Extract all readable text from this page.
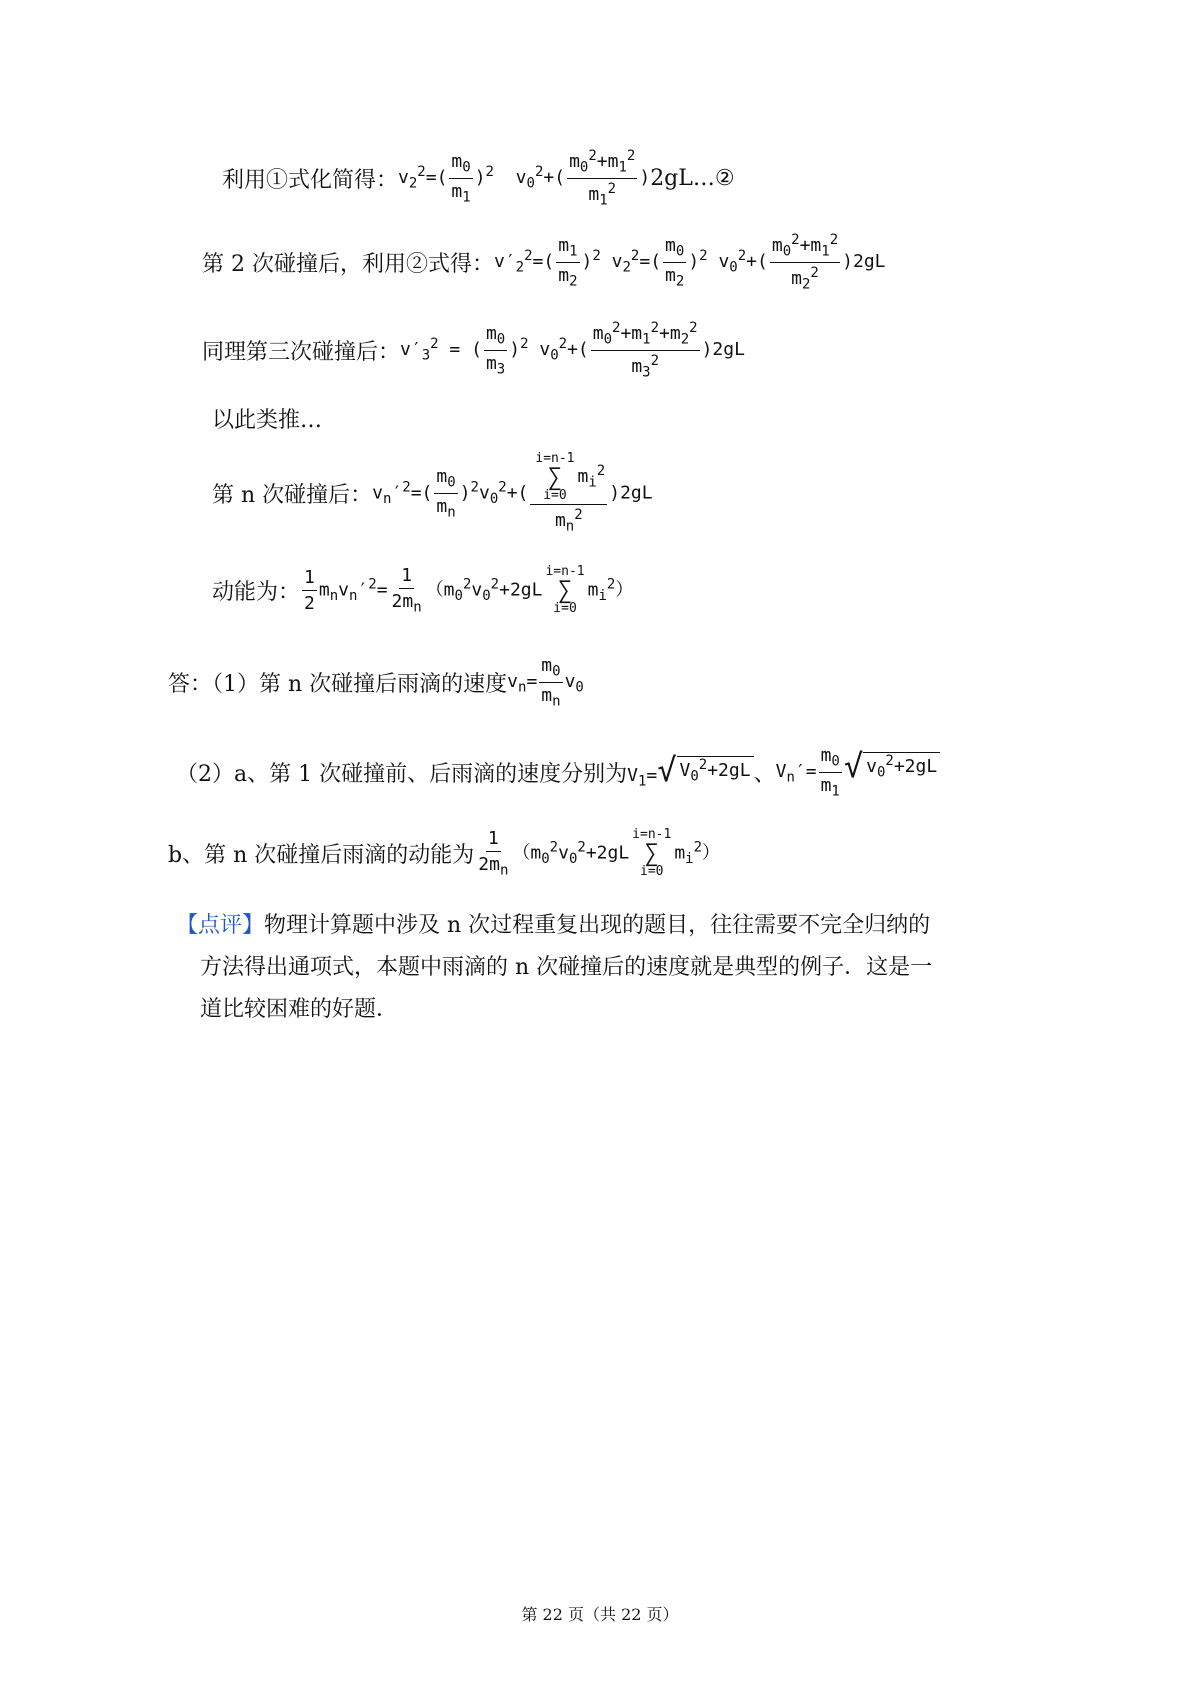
利用①式化简得： $v_2^2=( \frac{m_0}{m_1} )^2$  $v_0^2+( \frac{m_0^2+m_1^2}{m_1^2}$ ) 2gL…②
第 2 次碰撞后，利用②式得： $v'_2^2=( \frac{m_1}{m_2} )^2$ $v_2^2=( \frac{m_0}{m_2} )^2$ $v_0^2+( \frac{m_0^2+m_1^2}{m_2^2} )2gL$
同理第三次碰撞后： $v'_3^2$ = ( $\frac{m_0}{m_3} )^2$ $v_0^2+( \frac{m_0^2+m_1^2+m_2^2}{m_3^2} )2gL$
以此类推…
第 n 次碰撞后： $v_n'^2=( \frac{m_0}{m_n} )^2v_0^2+$( i=n-1
∑
i=0
$m_i^2$
$m_n^2$ )2gL
动能为： $\frac{1}{2} m_nv_n'^2= \frac{1}{2m_n} (m_0^2v_0^2+2gL$
i=n-1
∑
i=0
$m_i^2$）
答：（1）第 n 次碰撞后雨滴的速度 $v_n= \frac{m_0}{m_n} v_0$
（2）a、第 1 次碰撞前、后雨滴的速度分别为 $V_1=$ √ $V_0^2+2gL$ 、 $V_n'= \frac{m_0}{m_1}$ √ $v_0^2+2gL$
b、第 n 次碰撞后雨滴的动能为 $\frac{1}{2m_n} (m_0^2v_0^2+2gL$
i=n-1
∑
i=0
$m_i^2$）
【点评】物理计算题中涉及 n 次过程重复出现的题目，往往需要不完全归纳的方法得出通项式，本题中雨滴的 n 次碰撞后的速度就是典型的例子．这是一道比较困难的好题．
第 22 页（共 22 页）
